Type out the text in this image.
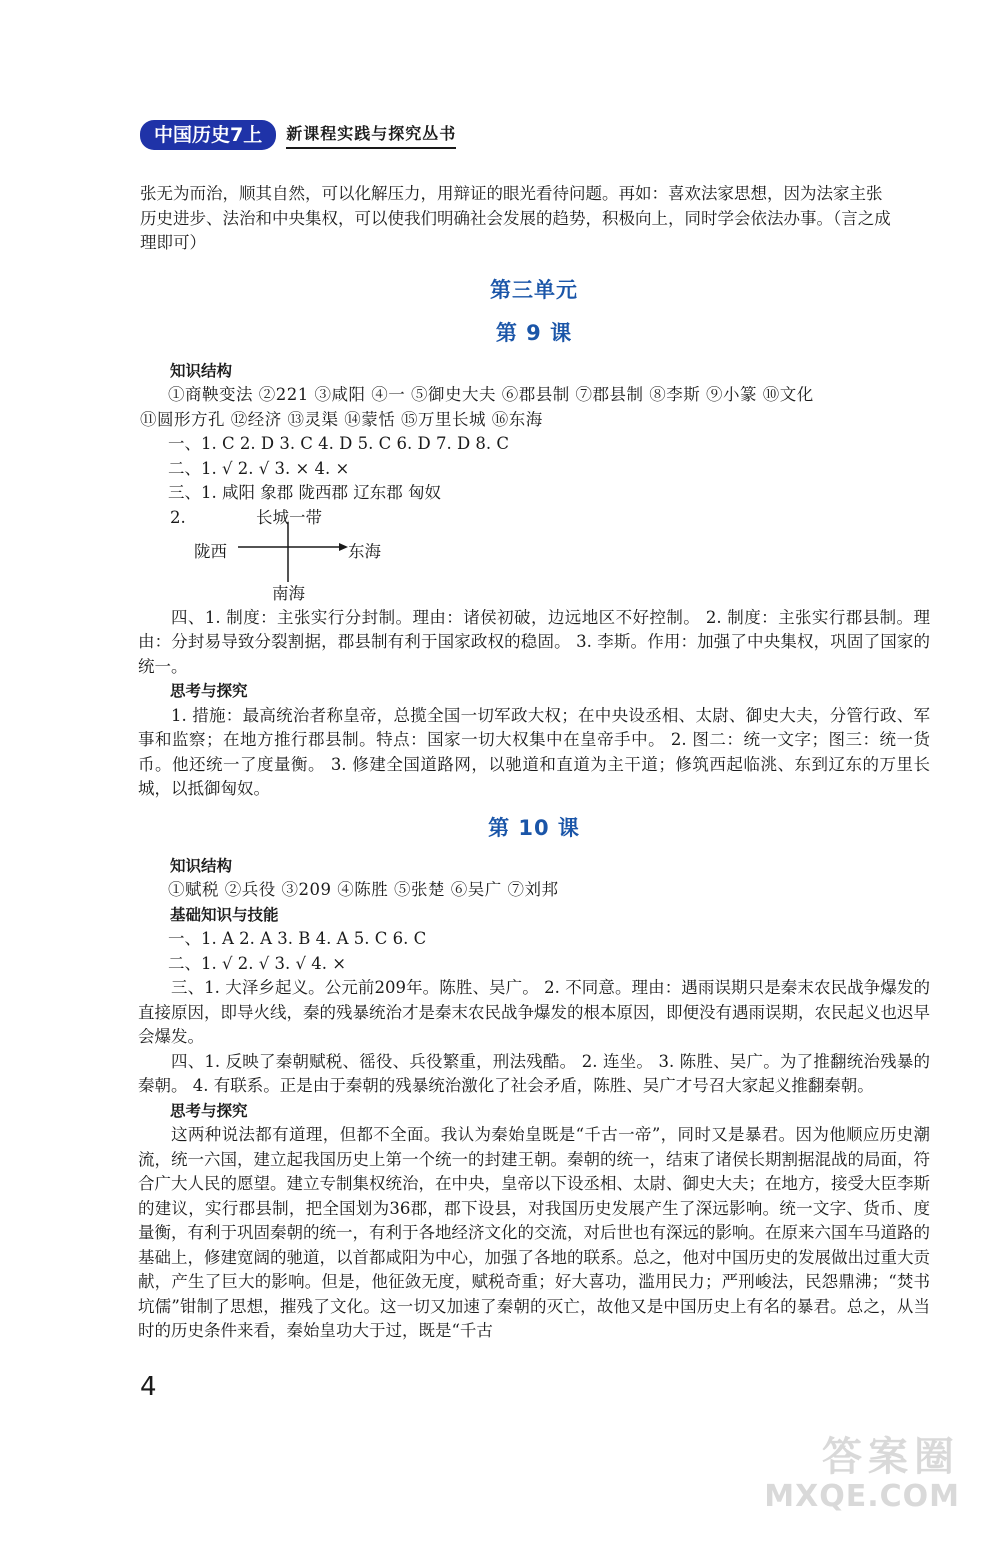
中国历史7上	新课程实践与探究丛书

张无为而治，顺其自然，可以化解压力，用辩证的眼光看待问题。再如：喜欢法家思想，因为法家主张

历史进步、法治和中央集权，可以使我们明确社会发展的趋势，积极向上，同时学会依法办事。（言之成

理即可）

第三单元
第 9 课

知识结构

①商鞅变法 ②221 ③咸阳 ④一 ⑤御史大夫 ⑥郡县制 ⑦郡县制 ⑧李斯 ⑨小篆 ⑩文化

⑪圆形方孔 ⑫经济 ⑬灵渠 ⑭蒙恬 ⑮万里长城 ⑯东海

一、1. C 2. D 3. C 4. D 5. C 6. D 7. D 8. C

二、1. √ 2. √ 3. × 4. ×

三、1. 咸阳 象郡 陇西郡 辽东郡 匈奴

2.	长城一带
陇西	东海
南海

四、1. 制度：主张实行分封制。理由：诸侯初破，边远地区不好控制。 2. 制度：主张实行郡县制。理由：分封易导致分裂割据，郡县制有利于国家政权的稳固。 3. 李斯。作用：加强了中央集权，巩固了国家的统一。

思考与探究

1. 措施：最高统治者称皇帝，总揽全国一切军政大权；在中央设丞相、太尉、御史大夫，分管行政、军事和监察；在地方推行郡县制。特点：国家一切大权集中在皇帝手中。 2. 图二：统一文字；图三：统一货币。他还统一了度量衡。 3. 修建全国道路网，以驰道和直道为主干道；修筑西起临洮、东到辽东的万里长城，以抵御匈奴。

第 10 课

知识结构

①赋税 ②兵役 ③209 ④陈胜 ⑤张楚 ⑥吴广 ⑦刘邦

基础知识与技能

一、1. A 2. A 3. B 4. A 5. C 6. C

二、1. √ 2. √ 3. √ 4. ×

三、1. 大泽乡起义。公元前209年。陈胜、吴广。 2. 不同意。理由：遇雨误期只是秦末农民战争爆发的直接原因，即导火线，秦的残暴统治才是秦末农民战争爆发的根本原因，即便没有遇雨误期，农民起义也迟早会爆发。

四、1. 反映了秦朝赋税、徭役、兵役繁重，刑法残酷。 2. 连坐。 3. 陈胜、吴广。为了推翻统治残暴的秦朝。 4. 有联系。正是由于秦朝的残暴统治激化了社会矛盾，陈胜、吴广才号召大家起义推翻秦朝。

思考与探究

这两种说法都有道理，但都不全面。我认为秦始皇既是“千古一帝”，同时又是暴君。因为他顺应历史潮流，统一六国，建立起我国历史上第一个统一的封建王朝。秦朝的统一，结束了诸侯长期割据混战的局面，符合广大人民的愿望。建立专制集权统治，在中央，皇帝以下设丞相、太尉、御史大夫；在地方，接受大臣李斯的建议，实行郡县制，把全国划为36郡，郡下设县，对我国历史发展产生了深远影响。统一文字、货币、度量衡，有利于巩固秦朝的统一，有利于各地经济文化的交流，对后世也有深远的影响。在原来六国车马道路的基础上，修建宽阔的驰道，以首都咸阳为中心，加强了各地的联系。总之，他对中国历史的发展做出过重大贡献，产生了巨大的影响。但是，他征敛无度，赋税奇重；好大喜功，滥用民力；严刑峻法，民怨鼎沸；“焚书坑儒”钳制了思想，摧残了文化。这一切又加速了秦朝的灭亡，故他又是中国历史上有名的暴君。总之，从当时的历史条件来看，秦始皇功大于过，既是“千古

4
答案圈
MXQE.COM
